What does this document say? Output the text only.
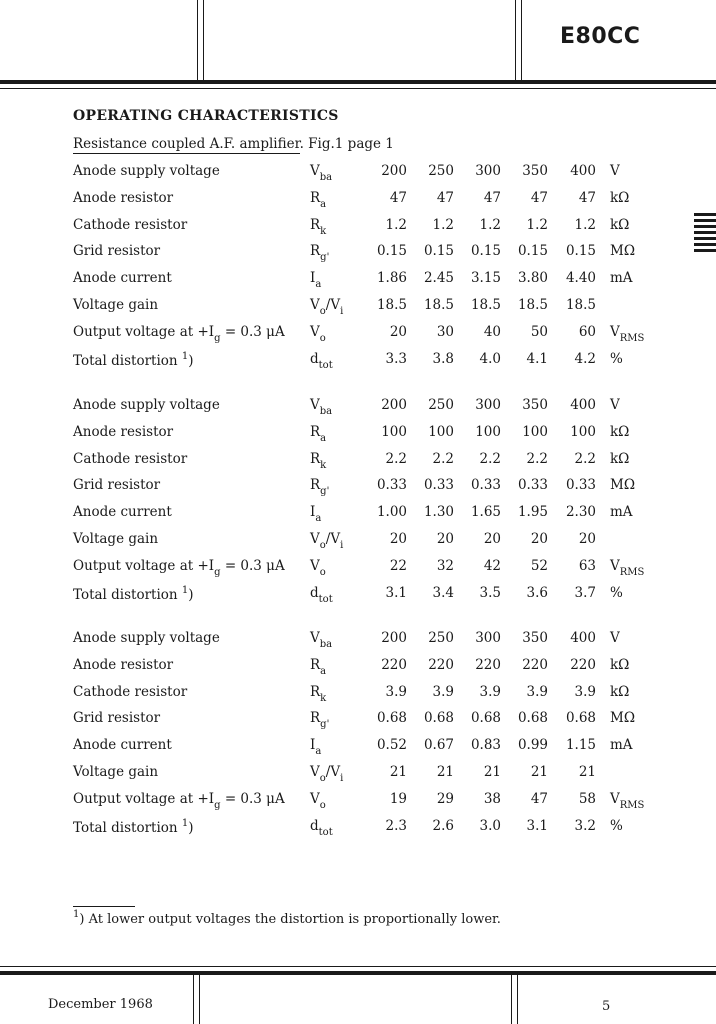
E80CC
OPERATING CHARACTERISTICS
Resistance coupled A.F. amplifier. Fig.1 page 1
Anode supply voltage	$V_{ba}$	200	250	300	350	400 V
Anode resistor	$R_a$	47	47	47	47	47 kΩ
Cathode resistor	$R_k$	1.2	1.2	1.2	1.2	1.2 kΩ
Grid resistor	$R_{g'}$	0.15	0.15	0.15	0.15	0.15 MΩ
Anode current	$I_a$	1.86	2.45	3.15	3.80	4.40 mA
Voltage gain	$V_o/V_i$	18.5	18.5	18.5	18.5	18.5
Output voltage at $+I_g = 0.3$ μA $V_o$	20	30	40	50	60 $V_{RMS}$
Total distortion $^1$)	$d_{tot}$	3.3	3.8	4.0	4.1	4.2 %
Anode supply voltage	$V_{ba}$	200	250	300	350	400 V
Anode resistor	$R_a$	100	100	100	100	100 kΩ
Cathode resistor	$R_k$	2.2	2.2	2.2	2.2	2.2 kΩ
Grid resistor	$R_{g'}$	0.33	0.33	0.33	0.33	0.33 MΩ
Anode current	$I_a$	1.00	1.30	1.65	1.95	2.30 mA
Voltage gain	$V_o/V_i$	20	20	20	20	20
Output voltage at $+I_g = 0.3$ μA $V_o$	22	32	42	52	63 $V_{RMS}$
Total distortion $^1$)	$d_{tot}$	3.1	3.4	3.5	3.6	3.7 %
Anode supply voltage	$V_{ba}$	200	250	300	350	400 V
Anode resistor	$R_a$	220	220	220	220	220 kΩ
Cathode resistor	$R_k$	3.9	3.9	3.9	3.9	3.9 kΩ
Grid resistor	$R_{g'}$	0.68	0.68	0.68	0.68	0.68 MΩ
Anode current	$I_a$	0.52	0.67	0.83	0.99	1.15 mA
Voltage gain	$V_o/V_i$	21	21	21	21	21
Output voltage at $+I_g = 0.3$ μA $V_o$	19	29	38	47	58 $V_{RMS}$
Total distortion $^1$)	$d_{tot}$	2.3	2.6	3.0	3.1	3.2 %
$^1$) At lower output voltages the distortion is proportionally lower.
December 1968	5
